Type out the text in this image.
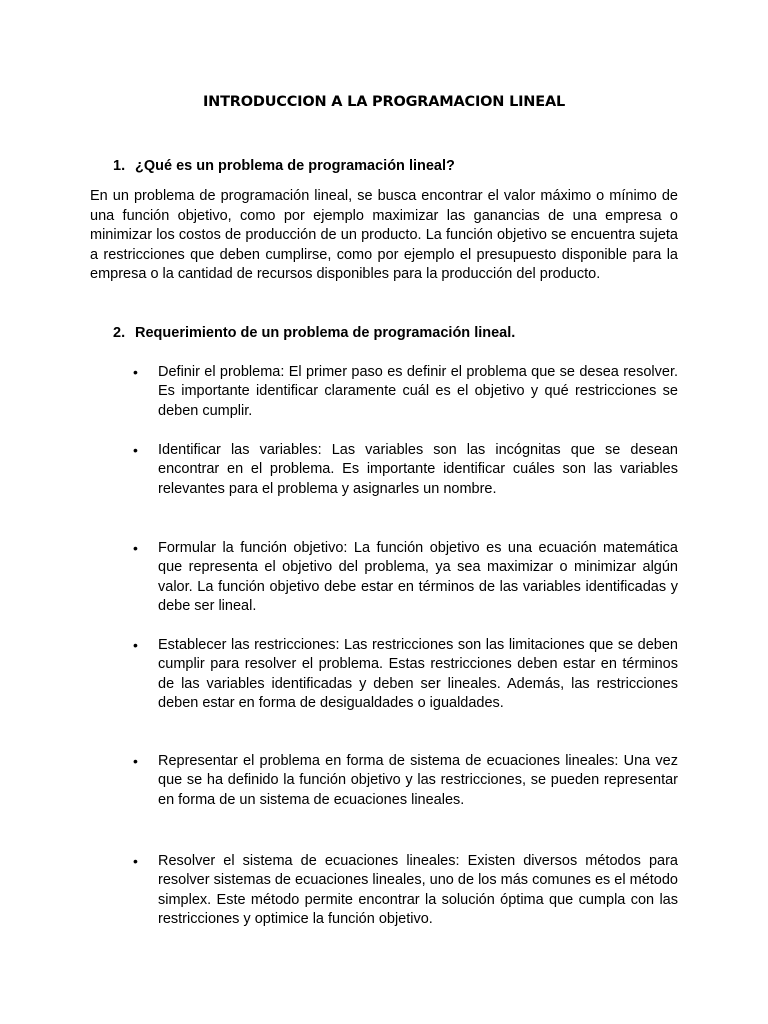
INTRODUCCION A LA PROGRAMACION LINEAL
1. ¿Qué es un problema de programación lineal?
En un problema de programación lineal, se busca encontrar el valor máximo o mínimo de una función objetivo, como por ejemplo maximizar las ganancias de una empresa o minimizar los costos de producción de un producto. La función objetivo se encuentra sujeta a restricciones que deben cumplirse, como por ejemplo el presupuesto disponible para la empresa o la cantidad de recursos disponibles para la producción del producto.
2. Requerimiento de un problema de programación lineal.
• Definir el problema: El primer paso es definir el problema que se desea resolver. Es importante identificar claramente cuál es el objetivo y qué restricciones se deben cumplir.
• Identificar las variables: Las variables son las incógnitas que se desean encontrar en el problema. Es importante identificar cuáles son las variables relevantes para el problema y asignarles un nombre.
• Formular la función objetivo: La función objetivo es una ecuación matemática que representa el objetivo del problema, ya sea maximizar o minimizar algún valor. La función objetivo debe estar en términos de las variables identificadas y debe ser lineal.
• Establecer las restricciones: Las restricciones son las limitaciones que se deben cumplir para resolver el problema. Estas restricciones deben estar en términos de las variables identificadas y deben ser lineales. Además, las restricciones deben estar en forma de desigualdades o igualdades.
• Representar el problema en forma de sistema de ecuaciones lineales: Una vez que se ha definido la función objetivo y las restricciones, se pueden representar en forma de un sistema de ecuaciones lineales.
• Resolver el sistema de ecuaciones lineales: Existen diversos métodos para resolver sistemas de ecuaciones lineales, uno de los más comunes es el método simplex. Este método permite encontrar la solución óptima que cumpla con las restricciones y optimice la función objetivo.
